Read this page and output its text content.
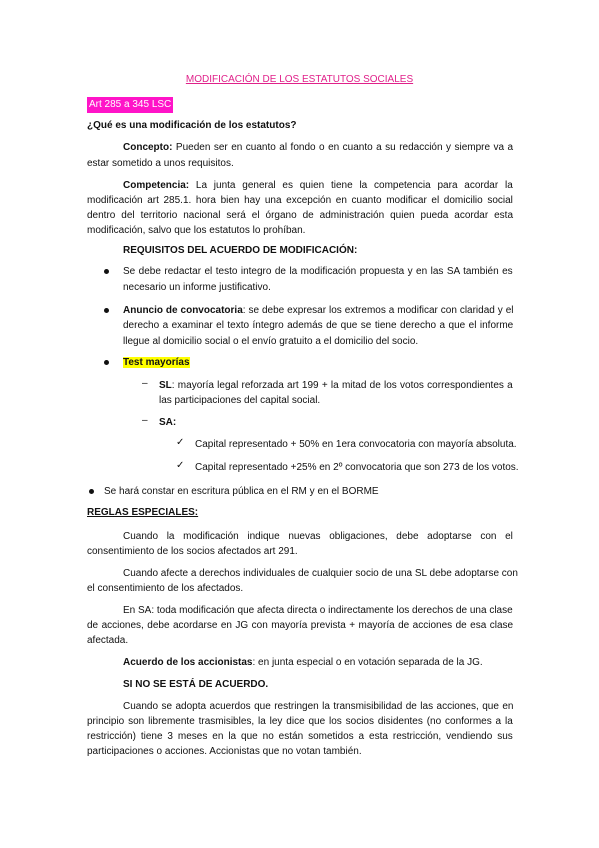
MODIFICACIÓN DE LOS ESTATUTOS SOCIALES
Art 285 a 345 LSC
¿Qué es una modificación de los estatutos?
Concepto: Pueden ser en cuanto al fondo o en cuanto a su redacción y siempre va a
estar sometido a unos requisitos.
Competencia: La junta general es quien tiene la competencia para acordar la
modificación art 285.1. hora bien hay una excepción en cuanto modificar el domicilio social
dentro del territorio nacional será el órgano de administración quien pueda acordar esta
modificación, salvo que los estatutos lo prohíban.
REQUISITOS DEL ACUERDO DE MODIFICACIÓN:
Se debe redactar el testo integro de la modificación propuesta y en las SA también es
necesario un informe justificativo.
Anuncio de convocatoria: se debe expresar los extremos a modificar con claridad y el
derecho a examinar el texto íntegro además de que se tiene derecho a que el informe
llegue al domicilio social o el envío gratuito a el domicilio del socio.
Test mayorías
– SL: mayoría legal reforzada art 199 + la mitad de los votos correspondientes a
las participaciones del capital social.
– SA:
✓ Capital representado + 50% en 1era convocatoria con mayoría absoluta.
✓ Capital representado +25% en 2º convocatoria que son 273 de los votos.
Se hará constar en escritura pública en el RM y en el BORME
REGLAS ESPECIALES:
Cuando la modificación indique nuevas obligaciones, debe adoptarse con el
consentimiento de los socios afectados art 291.
Cuando afecte a derechos individuales de cualquier socio de una SL debe adoptarse con
el consentimiento de los afectados.
En SA: toda modificación que afecta directa o indirectamente los derechos de una clase
de acciones, debe acordarse en JG con mayoría prevista + mayoría de acciones de esa clase
afectada.
Acuerdo de los accionistas: en junta especial o en votación separada de la JG.
SI NO SE ESTÁ DE ACUERDO.
Cuando se adopta acuerdos que restringen la transmisibilidad de las acciones, que en
principio son libremente trasmisibles, la ley dice que los socios disidentes (no conformes a la
restricción) tiene 3 meses en la que no están sometidos a esta restricción, vendiendo sus
participaciones o acciones. Accionistas que no votan también.
